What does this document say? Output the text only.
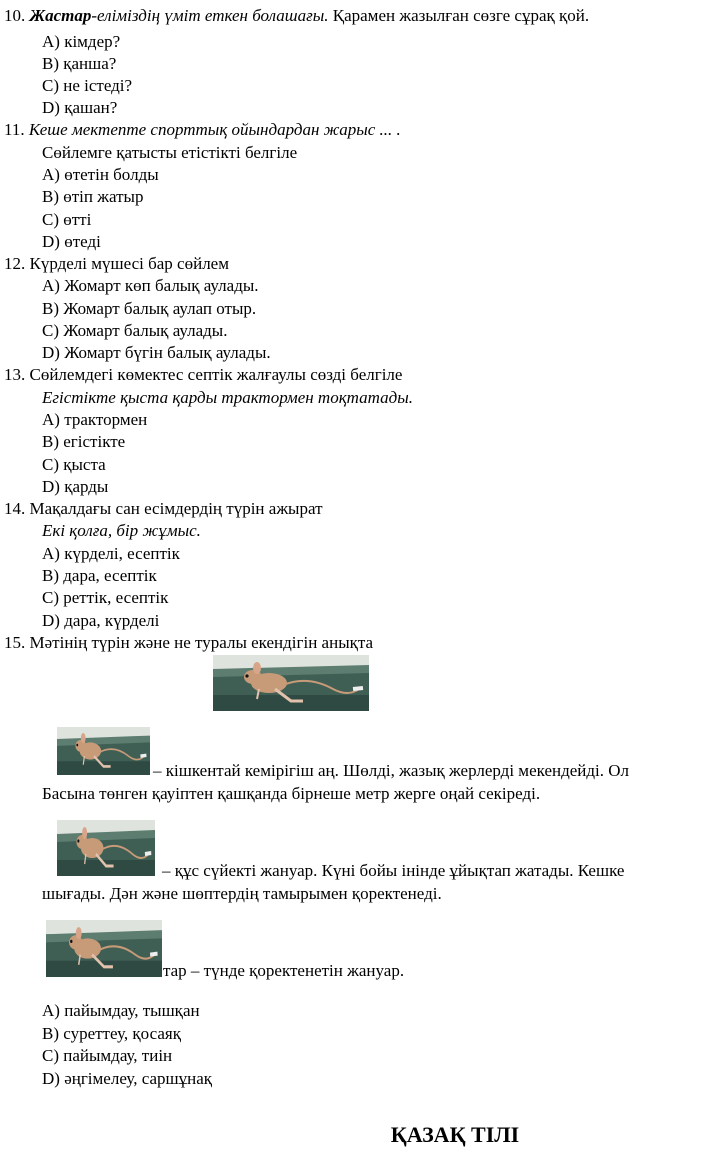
10. Жастар-еліміздің үміт еткен болашағы. Қарамен жазылған сөзге сұрақ қой.
A) кімдер?
B) қанша?
C) не істеді?
D) қашан?
11. Кеше мектепте спорттық ойындардан жарыс ... .
Сөйлемге қатысты етістікті белгіле
A) өтетін болды
B) өтіп жатыр
C) өтті
D) өтеді
12. Күрделі мүшесі бар сөйлем
A) Жомарт көп балық аулады.
B) Жомарт балық аулап отыр.
C) Жомарт балық аулады.
D) Жомарт бүгін балық аулады.
13. Сөйлемдегі көмектес септік жалғаулы сөзді белгіле
Егістікте қыста қарды трактормен тоқтатады.
A) трактормен
B) егістікте
C) қыста
D) қарды
14. Мақалдағы сан есімдердің түрін ажырат
Екі қолға, бір жұмыс.
A) күрделі, есептік
B) дара, есептік
C) реттік, есептік
D) дара, күрделі
15. Мәтінің түрін және не туралы екендігін анықта
– кішкентай кемірігіш аң. Шөлді, жазық жерлерді мекендейді. Ол
Басына төнген қауіптен қашқанда бірнеше метр жерге оңай секіреді.
– құс сүйекті жануар. Күні бойы інінде ұйықтап жатады. Кешке
шығады. Дән және шөптердің тамырымен қоректенеді.
тар – түнде қоректенетін жануар.
A) пайымдау, тышқан
B) суреттеу, қосаяқ
C) пайымдау, тиін
D) әңгімелеу, саршұнақ
ҚАЗАҚ ТІЛІ
